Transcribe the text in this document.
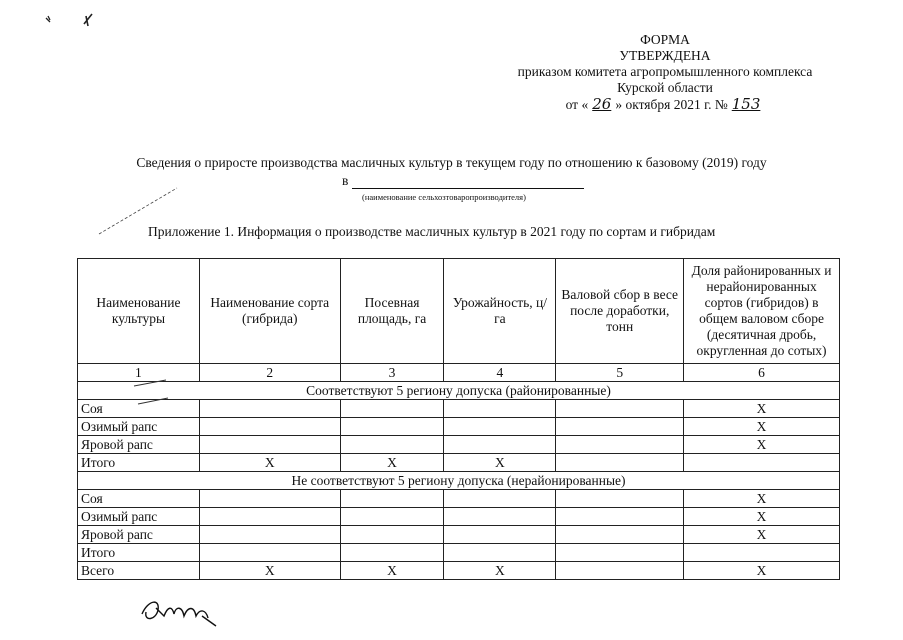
ФОРМА
УТВЕРЖДЕНА
приказом комитета агропромышленного комплекса
Курской области
от « 26 » октября 2021 г. № 153
Сведения о приросте производства масличных культур в текущем году по отношению к базовому (2019) году
в
(наименование сельхозтоваропроизводителя)
Приложение 1. Информация о производстве масличных культур в 2021 году по сортам и гибридам
Наименование культуры	Наименование сорта (гибрида)	Посевная площадь, га	Урожайность, ц/га	Валовой сбор в весе после доработки, тонн	Доля районированных и нерайонированных сортов (гибридов) в общем валовом сборе (десятичная дробь, округленная до сотых)
1	2	3	4	5	6
Соответствуют 5 региону допуска (районированные)					
Соя					X
Озимый рапс					X
Яровой рапс					X
Итого	X	X	X		
Не соответствуют 5 региону допуска (нерайонированные)					
Соя					X
Озимый рапс					X
Яровой рапс					X
Итого					
Всего	X	X	X		X
